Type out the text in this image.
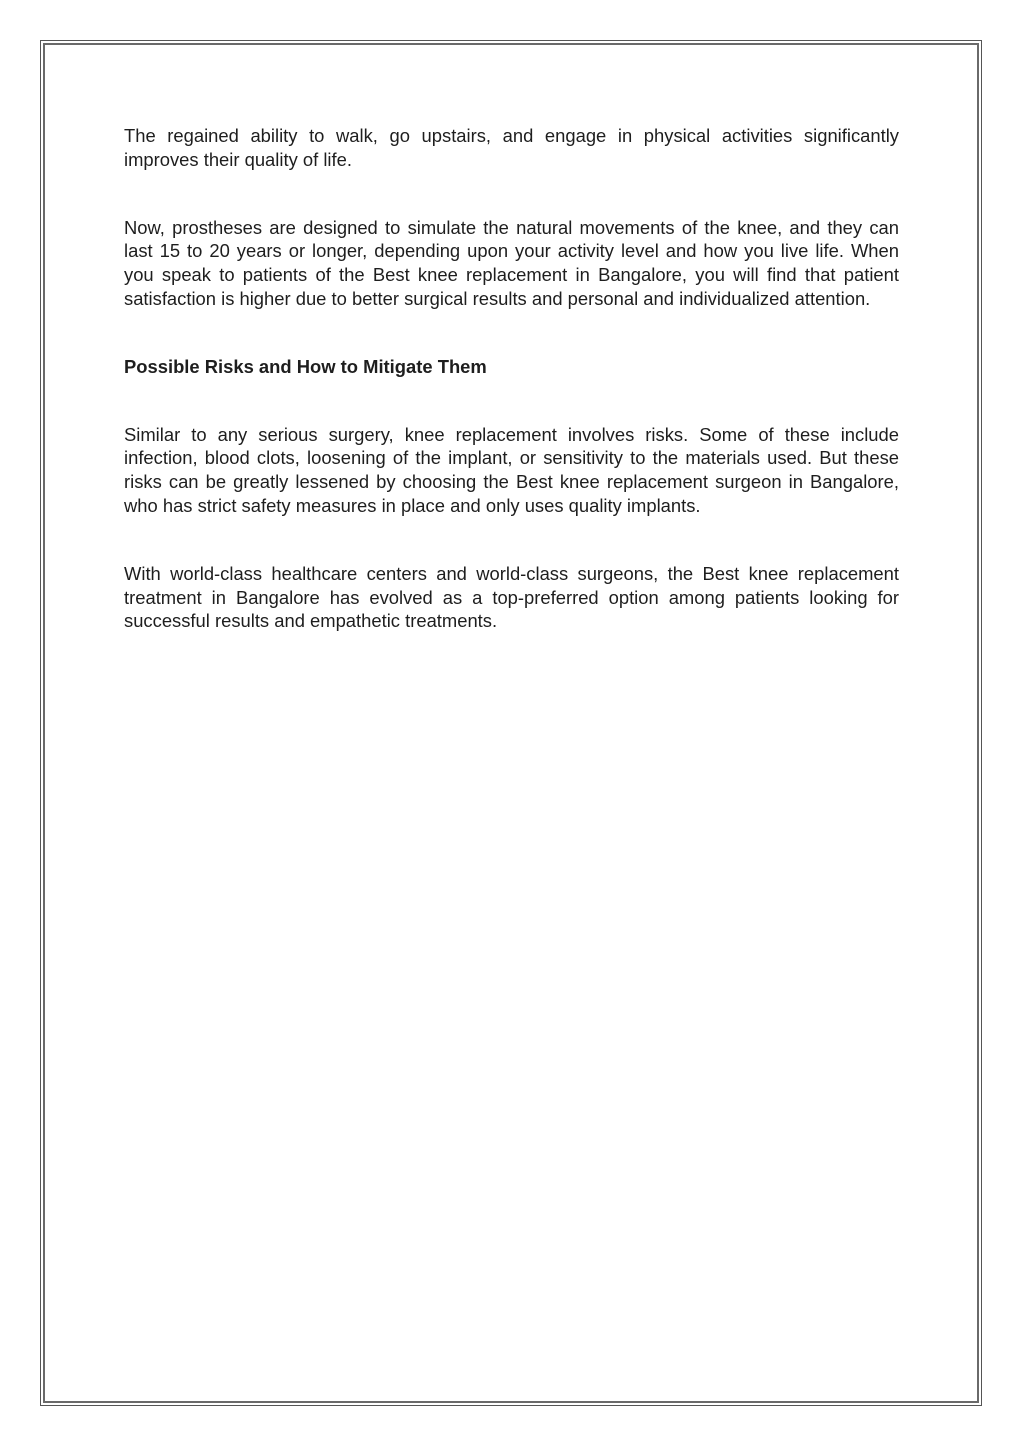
The regained ability to walk, go upstairs, and engage in physical activities significantly improves their quality of life.

Now, prostheses are designed to simulate the natural movements of the knee, and they can last 15 to 20 years or longer, depending upon your activity level and how you live life. When you speak to patients of the Best knee replacement in Bangalore, you will find that patient satisfaction is higher due to better surgical results and personal and individualized attention.

Possible Risks and How to Mitigate Them

Similar to any serious surgery, knee replacement involves risks. Some of these include infection, blood clots, loosening of the implant, or sensitivity to the materials used. But these risks can be greatly lessened by choosing the Best knee replacement surgeon in Bangalore, who has strict safety measures in place and only uses quality implants.

With world-class healthcare centers and world-class surgeons, the Best knee replacement treatment in Bangalore has evolved as a top-preferred option among patients looking for successful results and empathetic treatments.
